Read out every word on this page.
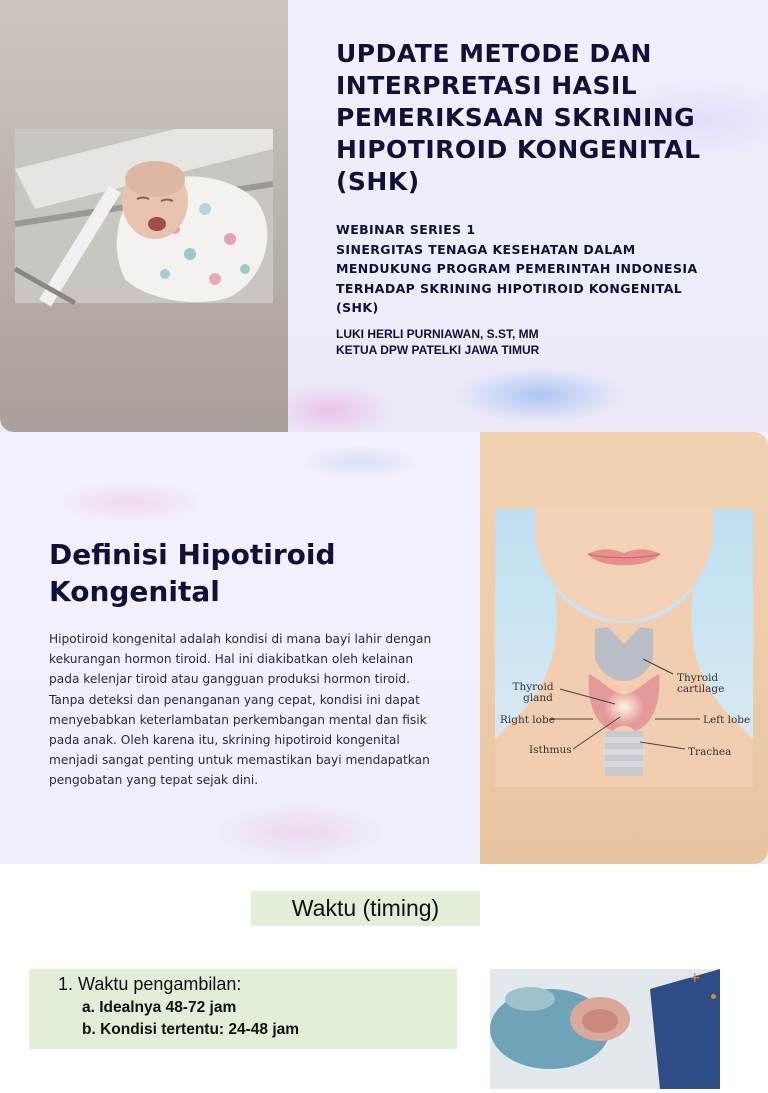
UPDATE METODE DAN INTERPRETASI HASIL PEMERIKSAAN SKRINING HIPOTIROID KONGENITAL (SHK)
WEBINAR SERIES 1
SINERGITAS TENAGA KESEHATAN DALAM
MENDUKUNG PROGRAM PEMERINTAH INDONESIA
TERHADAP SKRINING HIPOTIROID KONGENITAL
(SHK)
LUKI HERLI PURNIAWAN, S.ST, MM
KETUA DPW PATELKI JAWA TIMUR
Definisi Hipotiroid Kongenital

Hipotiroid kongenital adalah kondisi di mana bayi lahir dengan kekurangan hormon tiroid. Hal ini diakibatkan oleh kelainan pada kelenjar tiroid atau gangguan produksi hormon tiroid. Tanpa deteksi dan penanganan yang cepat, kondisi ini dapat menyebabkan keterlambatan perkembangan mental dan fisik pada anak. Oleh karena itu, skrining hipotiroid kongenital menjadi sangat penting untuk memastikan bayi mendapatkan pengobatan yang tepat sejak dini.

Thyroid gland
Thyroid cartilage
Right lobe	Left lobe
Isthmus	Trachea
Waktu (timing)
1. Waktu pengambilan:
a. Idealnya 48-72 jam
b. Kondisi tertentu: 24-48 jam
+
